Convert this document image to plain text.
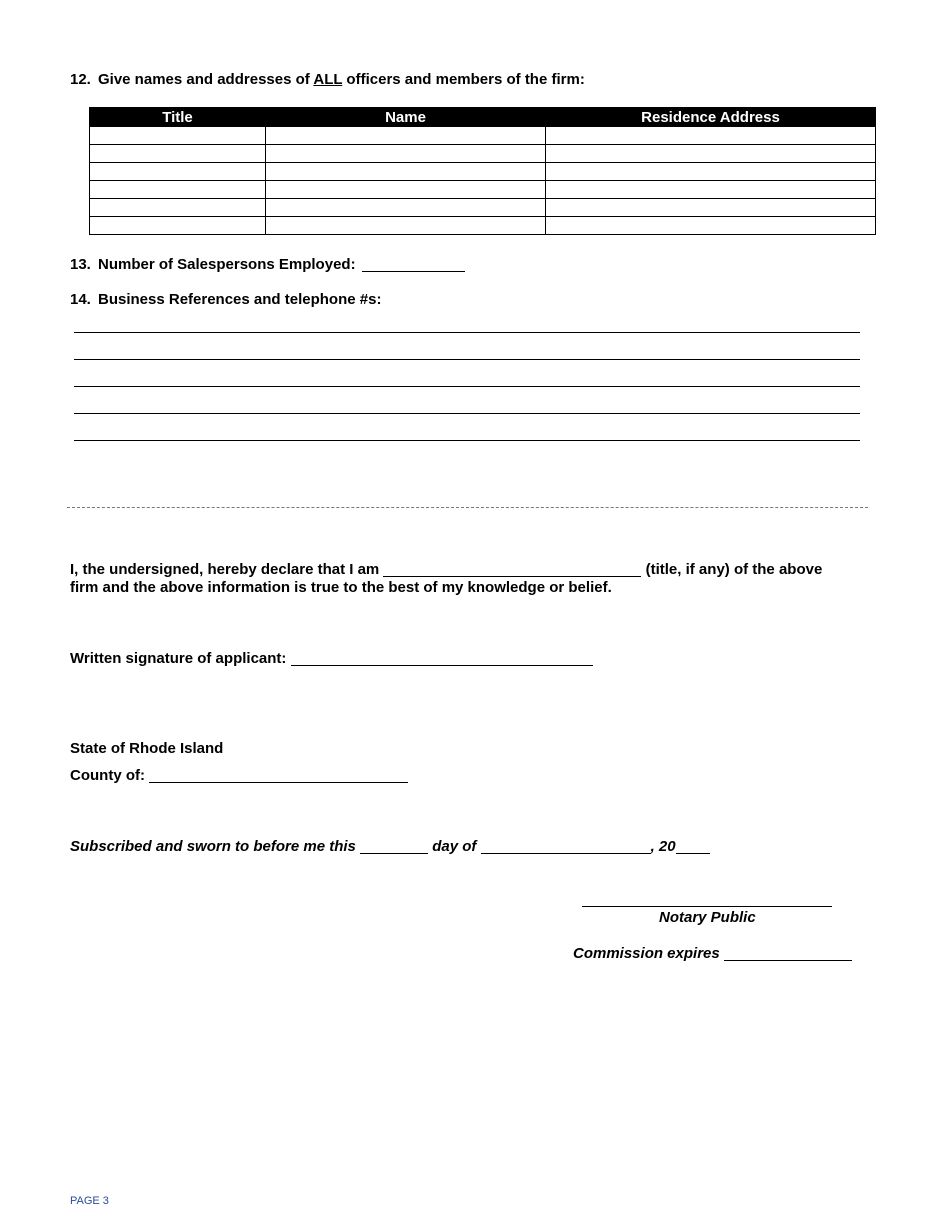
12. Give names and addresses of ALL officers and members of the firm:
Title	Name	Residence Address

13. Number of Salespersons Employed:
14. Business References and telephone #s:
I, the undersigned, hereby declare that I am	(title, if any) of the above
firm and the above information is true to the best of my knowledge or belief.
Written signature of applicant:
State of Rhode Island
County of:
Subscribed and sworn to before me this	day of	, 20
Notary Public
Commission expires
PAGE 3
